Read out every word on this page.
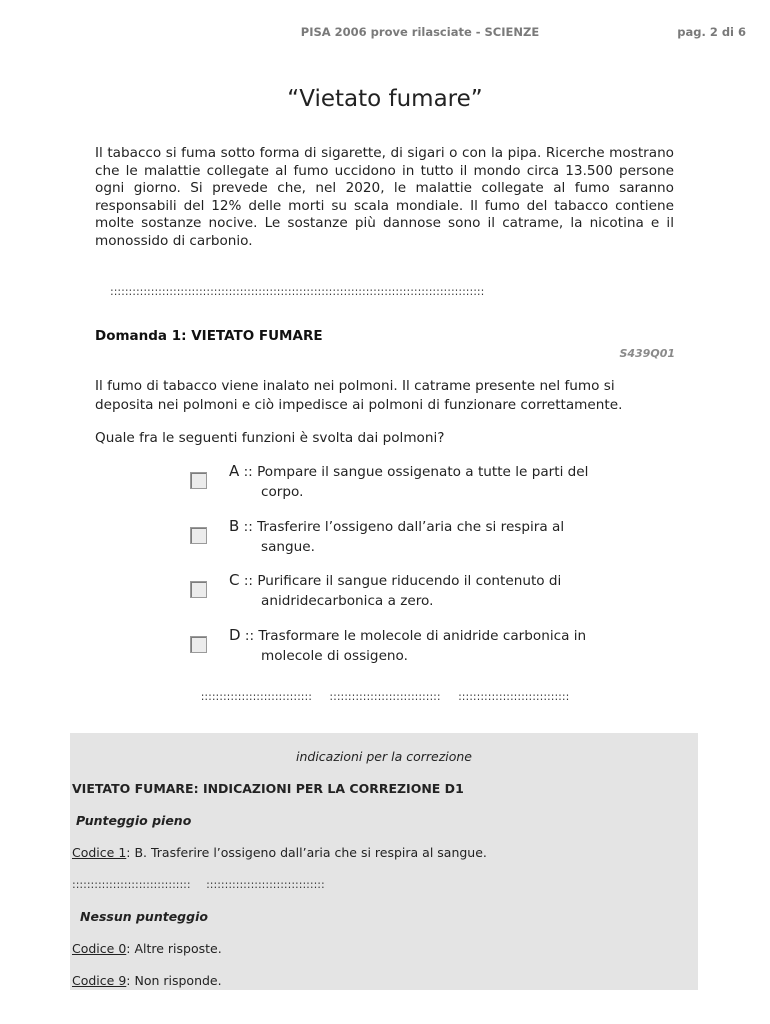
PISA 2006 prove rilasciate - SCIENZE	pag. 2 di 6
“Vietato fumare”
Il tabacco si fuma sotto forma di sigarette, di sigari o con la pipa. Ricerche mostrano che le malattie collegate al fumo uccidono in tutto il mondo circa 13.500 persone ogni giorno. Si prevede che, nel 2020, le malattie collegate al fumo saranno responsabili del 12% delle morti su scala mondiale. Il fumo del tabacco contiene molte sostanze nocive. Le sostanze più dannose sono il catrame, la nicotina e il monossido di carbonio.
:::::::::::::::::::::::::::::::::::::::::::::::::::::::::::::::::::::::::::::::::::::::::::::::::::::
Domanda 1: VIETATO FUMARE
S439Q01
Il fumo di tabacco viene inalato nei polmoni. Il catrame presente nel fumo si deposita nei polmoni e ciò impedisce ai polmoni di funzionare correttamente.
Quale fra le seguenti funzioni è svolta dai polmoni?
A :: Pompare il sangue ossigenato a tutte le parti del
corpo.
B :: Trasferire l’ossigeno dall’aria che si respira al
sangue.
C :: Purificare il sangue riducendo il contenuto di
anidridecarbonica a zero.
D :: Trasformare le molecole di anidride carbonica in
molecole di ossigeno.
:::::::::::::::::::::::::::::: :::::::::::::::::::::::::::::: ::::::::::::::::::::::::::::::
indicazioni per la correzione
VIETATO FUMARE: INDICAZIONI PER LA CORREZIONE D1
Punteggio pieno
Codice 1: B. Trasferire l’ossigeno dall’aria che si respira al sangue.
:::::::::::::::::::::::::::::::: ::::::::::::::::::::::::::::::::
Nessun punteggio
Codice 0: Altre risposte.
Codice 9: Non risponde.
